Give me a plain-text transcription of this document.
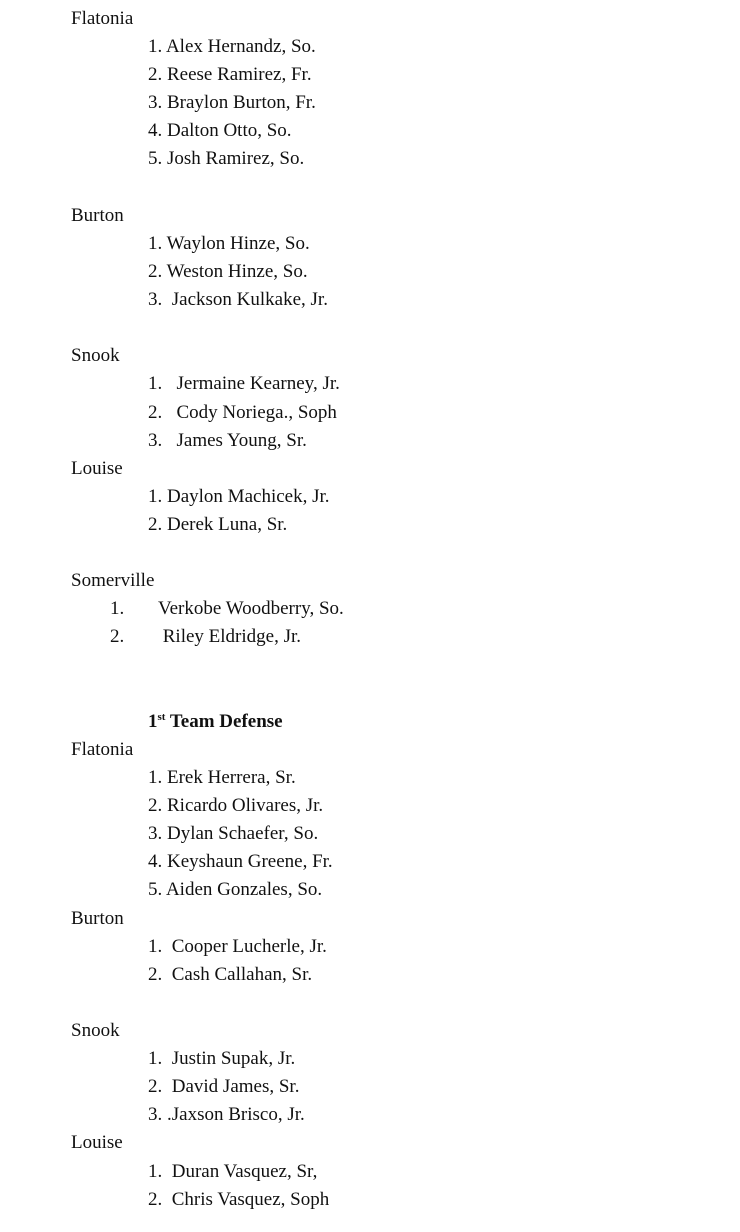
Flatonia
1. Alex Hernandz, So.
2. Reese Ramirez, Fr.
3. Braylon Burton, Fr.
4. Dalton Otto, So.
5. Josh Ramirez, So.
Burton
1. Waylon Hinze, So.
2. Weston Hinze, So.
3.  Jackson Kulkake, Jr.
Snook
1.   Jermaine Kearney, Jr.
2.   Cody Noriega., Soph
3.   James Young, Sr.
Louise
1. Daylon Machicek, Jr.
2. Derek Luna, Sr.
Somerville
1. Verkobe Woodberry, So.
2. Riley Eldridge, Jr.
1st Team Defense
Flatonia
1. Erek Herrera, Sr.
2. Ricardo Olivares, Jr.
3. Dylan Schaefer, So.
4. Keyshaun Greene, Fr.
5. Aiden Gonzales, So.
Burton
1.  Cooper Lucherle, Jr.
2.  Cash Callahan, Sr.
Snook
1.  Justin Supak, Jr.
2.  David James, Sr.
3. .Jaxson Brisco, Jr.
Louise
1.  Duran Vasquez, Sr,
2.  Chris Vasquez, Soph
